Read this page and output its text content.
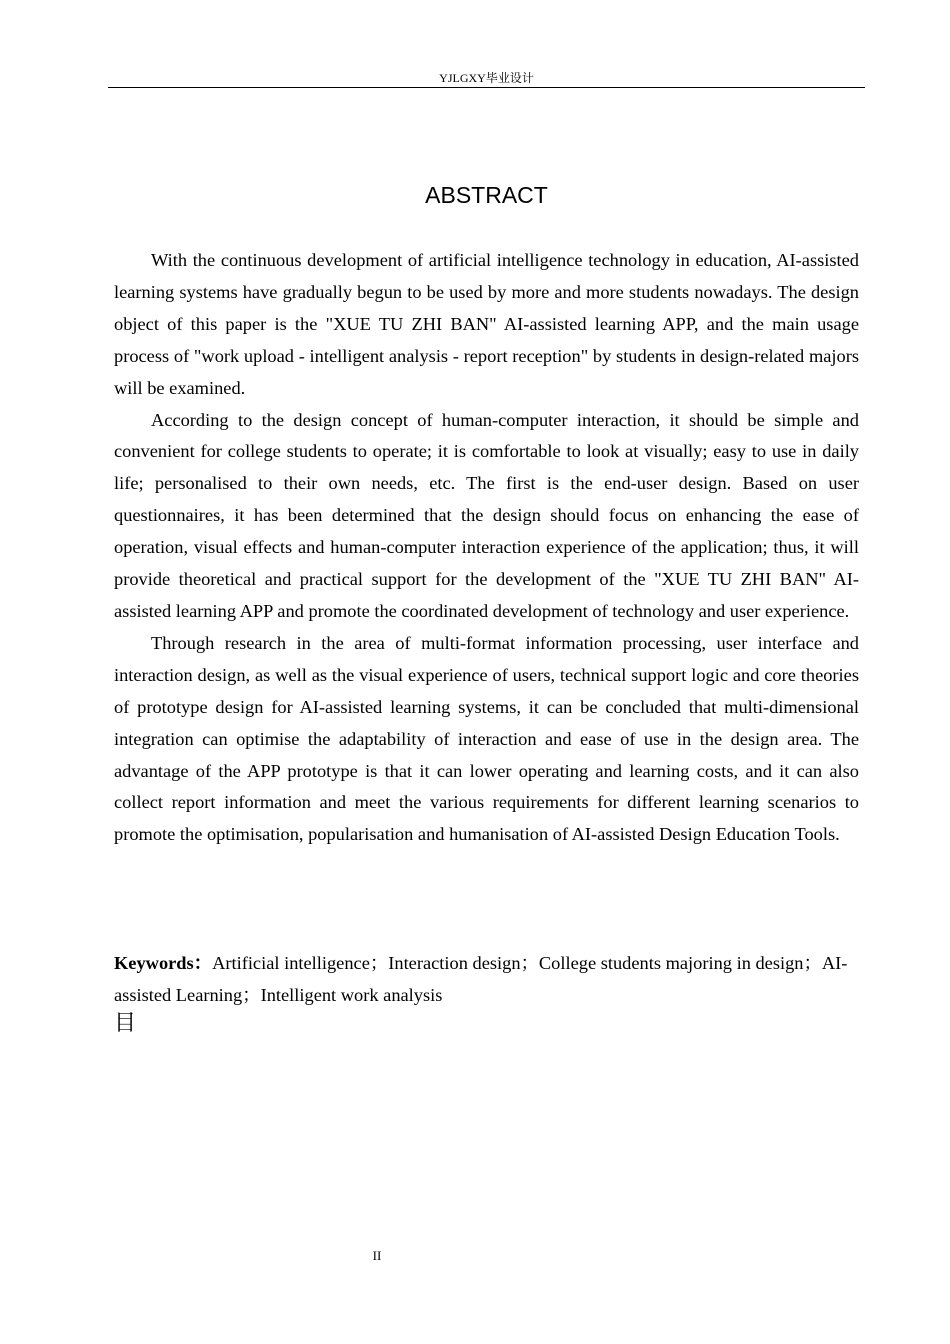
YJLGXY毕业设计
ABSTRACT

With the continuous development of artificial intelligence technology in education, AI-assisted learning systems have gradually begun to be used by more and more students nowadays. The design object of this paper is the "XUE TU ZHI BAN" AI-assisted learning APP, and the main usage process of "work upload - intelligent analysis - report reception" by students in design-related majors will be examined.

According to the design concept of human-computer interaction, it should be simple and convenient for college students to operate; it is comfortable to look at visually; easy to use in daily life; personalised to their own needs, etc. The first is the end-user design. Based on user questionnaires, it has been determined that the design should focus on enhancing the ease of operation, visual effects and human-computer interaction experience of the application; thus, it will provide theoretical and practical support for the development of the "XUE TU ZHI BAN" AI-assisted learning APP and promote the coordinated development of technology and user experience.

Through research in the area of multi-format information processing, user interface and interaction design, as well as the visual experience of users, technical support logic and core theories of prototype design for AI-assisted learning systems, it can be concluded that multi-dimensional integration can optimise the adaptability of interaction and ease of use in the design area. The advantage of the APP prototype is that it can lower operating and learning costs, and it can also collect report information and meet the various requirements for different learning scenarios to promote the optimisation, popularisation and humanisation of AI-assisted Design Education Tools.

Keywords：Artificial intelligence；Interaction design；College students majoring in design；AI-assisted Learning；Intelligent work analysis
目
II
